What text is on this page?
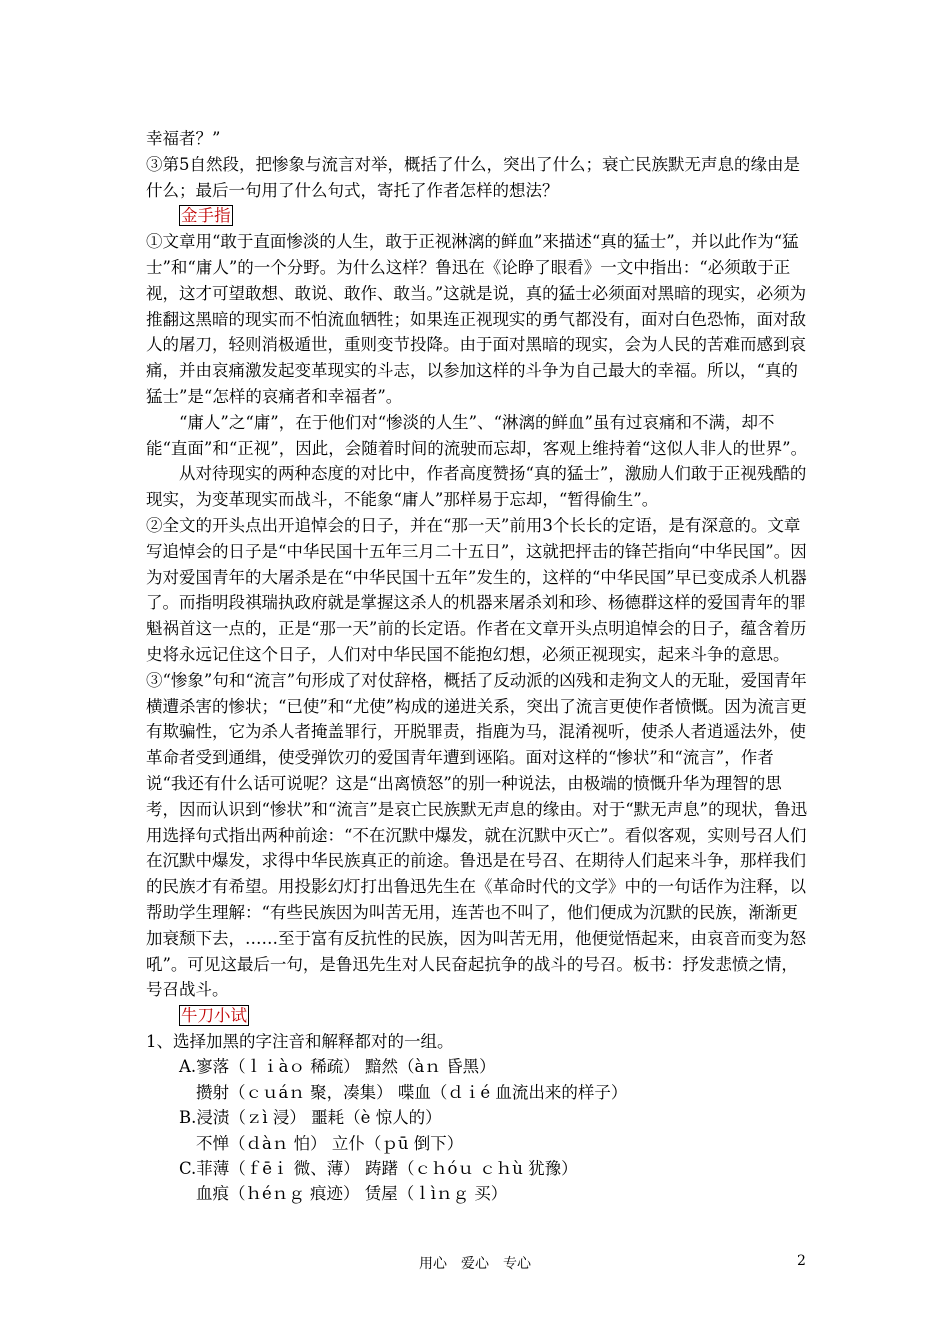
幸福者？”

③第5自然段，把惨象与流言对举，概括了什么，突出了什么；衰亡民族默无声息的缘由是什么；最后一句用了什么句式，寄托了作者怎样的想法？

金手指

①文章用“敢于直面惨淡的人生，敢于正视淋漓的鲜血”来描述“真的猛士”，并以此作为“猛士”和“庸人”的一个分野。为什么这样？鲁迅在《论睁了眼看》一文中指出：“必须敢于正视，这才可望敢想、敢说、敢作、敢当。”这就是说，真的猛士必须面对黑暗的现实，必须为推翻这黑暗的现实而不怕流血牺牲；如果连正视现实的勇气都没有，面对白色恐怖，面对敌人的屠刀，轻则消极遁世，重则变节投降。由于面对黑暗的现实，会为人民的苦难而感到哀痛，并由哀痛激发起变革现实的斗志，以参加这样的斗争为自己最大的幸福。所以，“真的猛士”是“怎样的哀痛者和幸福者”。

“庸人”之“庸”，在于他们对“惨淡的人生”、“淋漓的鲜血”虽有过哀痛和不满，却不能“直面”和“正视”，因此，会随着时间的流驶而忘却，客观上维持着“这似人非人的世界”。

从对待现实的两种态度的对比中，作者高度赞扬“真的猛士”，激励人们敢于正视残酷的现实，为变革现实而战斗，不能象“庸人”那样易于忘却，“暂得偷生”。

②全文的开头点出开追悼会的日子，并在“那一天”前用3个长长的定语，是有深意的。文章写追悼会的日子是“中华民国十五年三月二十五日”，这就把抨击的锋芒指向“中华民国”。因为对爱国青年的大屠杀是在“中华民国十五年”发生的，这样的“中华民国”早已变成杀人机器了。而指明段祺瑞执政府就是掌握这杀人的机器来屠杀刘和珍、杨德群这样的爱国青年的罪魁祸首这一点的，正是“那一天”前的长定语。作者在文章开头点明追悼会的日子，蕴含着历史将永远记住这个日子，人们对中华民国不能抱幻想，必须正视现实，起来斗争的意思。

③“惨象”句和“流言”句形成了对仗辞格，概括了反动派的凶残和走狗文人的无耻，爱国青年横遭杀害的惨状；“已使”和“尤使”构成的递进关系，突出了流言更使作者愤慨。因为流言更有欺骗性，它为杀人者掩盖罪行，开脱罪责，指鹿为马，混淆视听，使杀人者逍遥法外，使革命者受到通缉，使受弹饮刃的爱国青年遭到诬陷。面对这样的“惨状”和“流言”，作者说“我还有什么话可说呢？这是“出离愤怒”的别一种说法，由极端的愤慨升华为理智的思考，因而认识到“惨状”和“流言”是哀亡民族默无声息的缘由。对于“默无声息”的现状，鲁迅用选择句式指出两种前途：“不在沉默中爆发，就在沉默中灭亡”。看似客观，实则号召人们在沉默中爆发，求得中华民族真正的前途。鲁迅是在号召、在期待人们起来斗争，那样我们的民族才有希望。用投影幻灯打出鲁迅先生在《革命时代的文学》中的一句话作为注释，以帮助学生理解：“有些民族因为叫苦无用，连苦也不叫了，他们便成为沉默的民族，渐渐更加衰颓下去，……至于富有反抗性的民族，因为叫苦无用，他便觉悟起来，由哀音而变为怒吼”。可见这最后一句，是鲁迅先生对人民奋起抗争的战斗的号召。板书：抒发悲愤之情，号召战斗。

牛刀小试

1、选择加黑的字注音和解释都对的一组。

A.寥落（ｌｉàｏ 稀疏） 黯然（àｎ 昏黑）

攒射（ｃｕáｎ 聚，凑集） 喋血（ｄｉé 血流出来的样子）

B.浸渍（ｚì 浸） 噩耗（è 惊人的）

不惮（ｄàｎ 怕） 立仆（ｐū 倒下）

C.菲薄（ｆēｉ 微、薄） 踌躇（ｃｈóｕ ｃｈù 犹豫）

血痕（ｈéｎｇ 痕迹） 赁屋（ｌìｎｇ 买）

用心　爱心　专心	2
